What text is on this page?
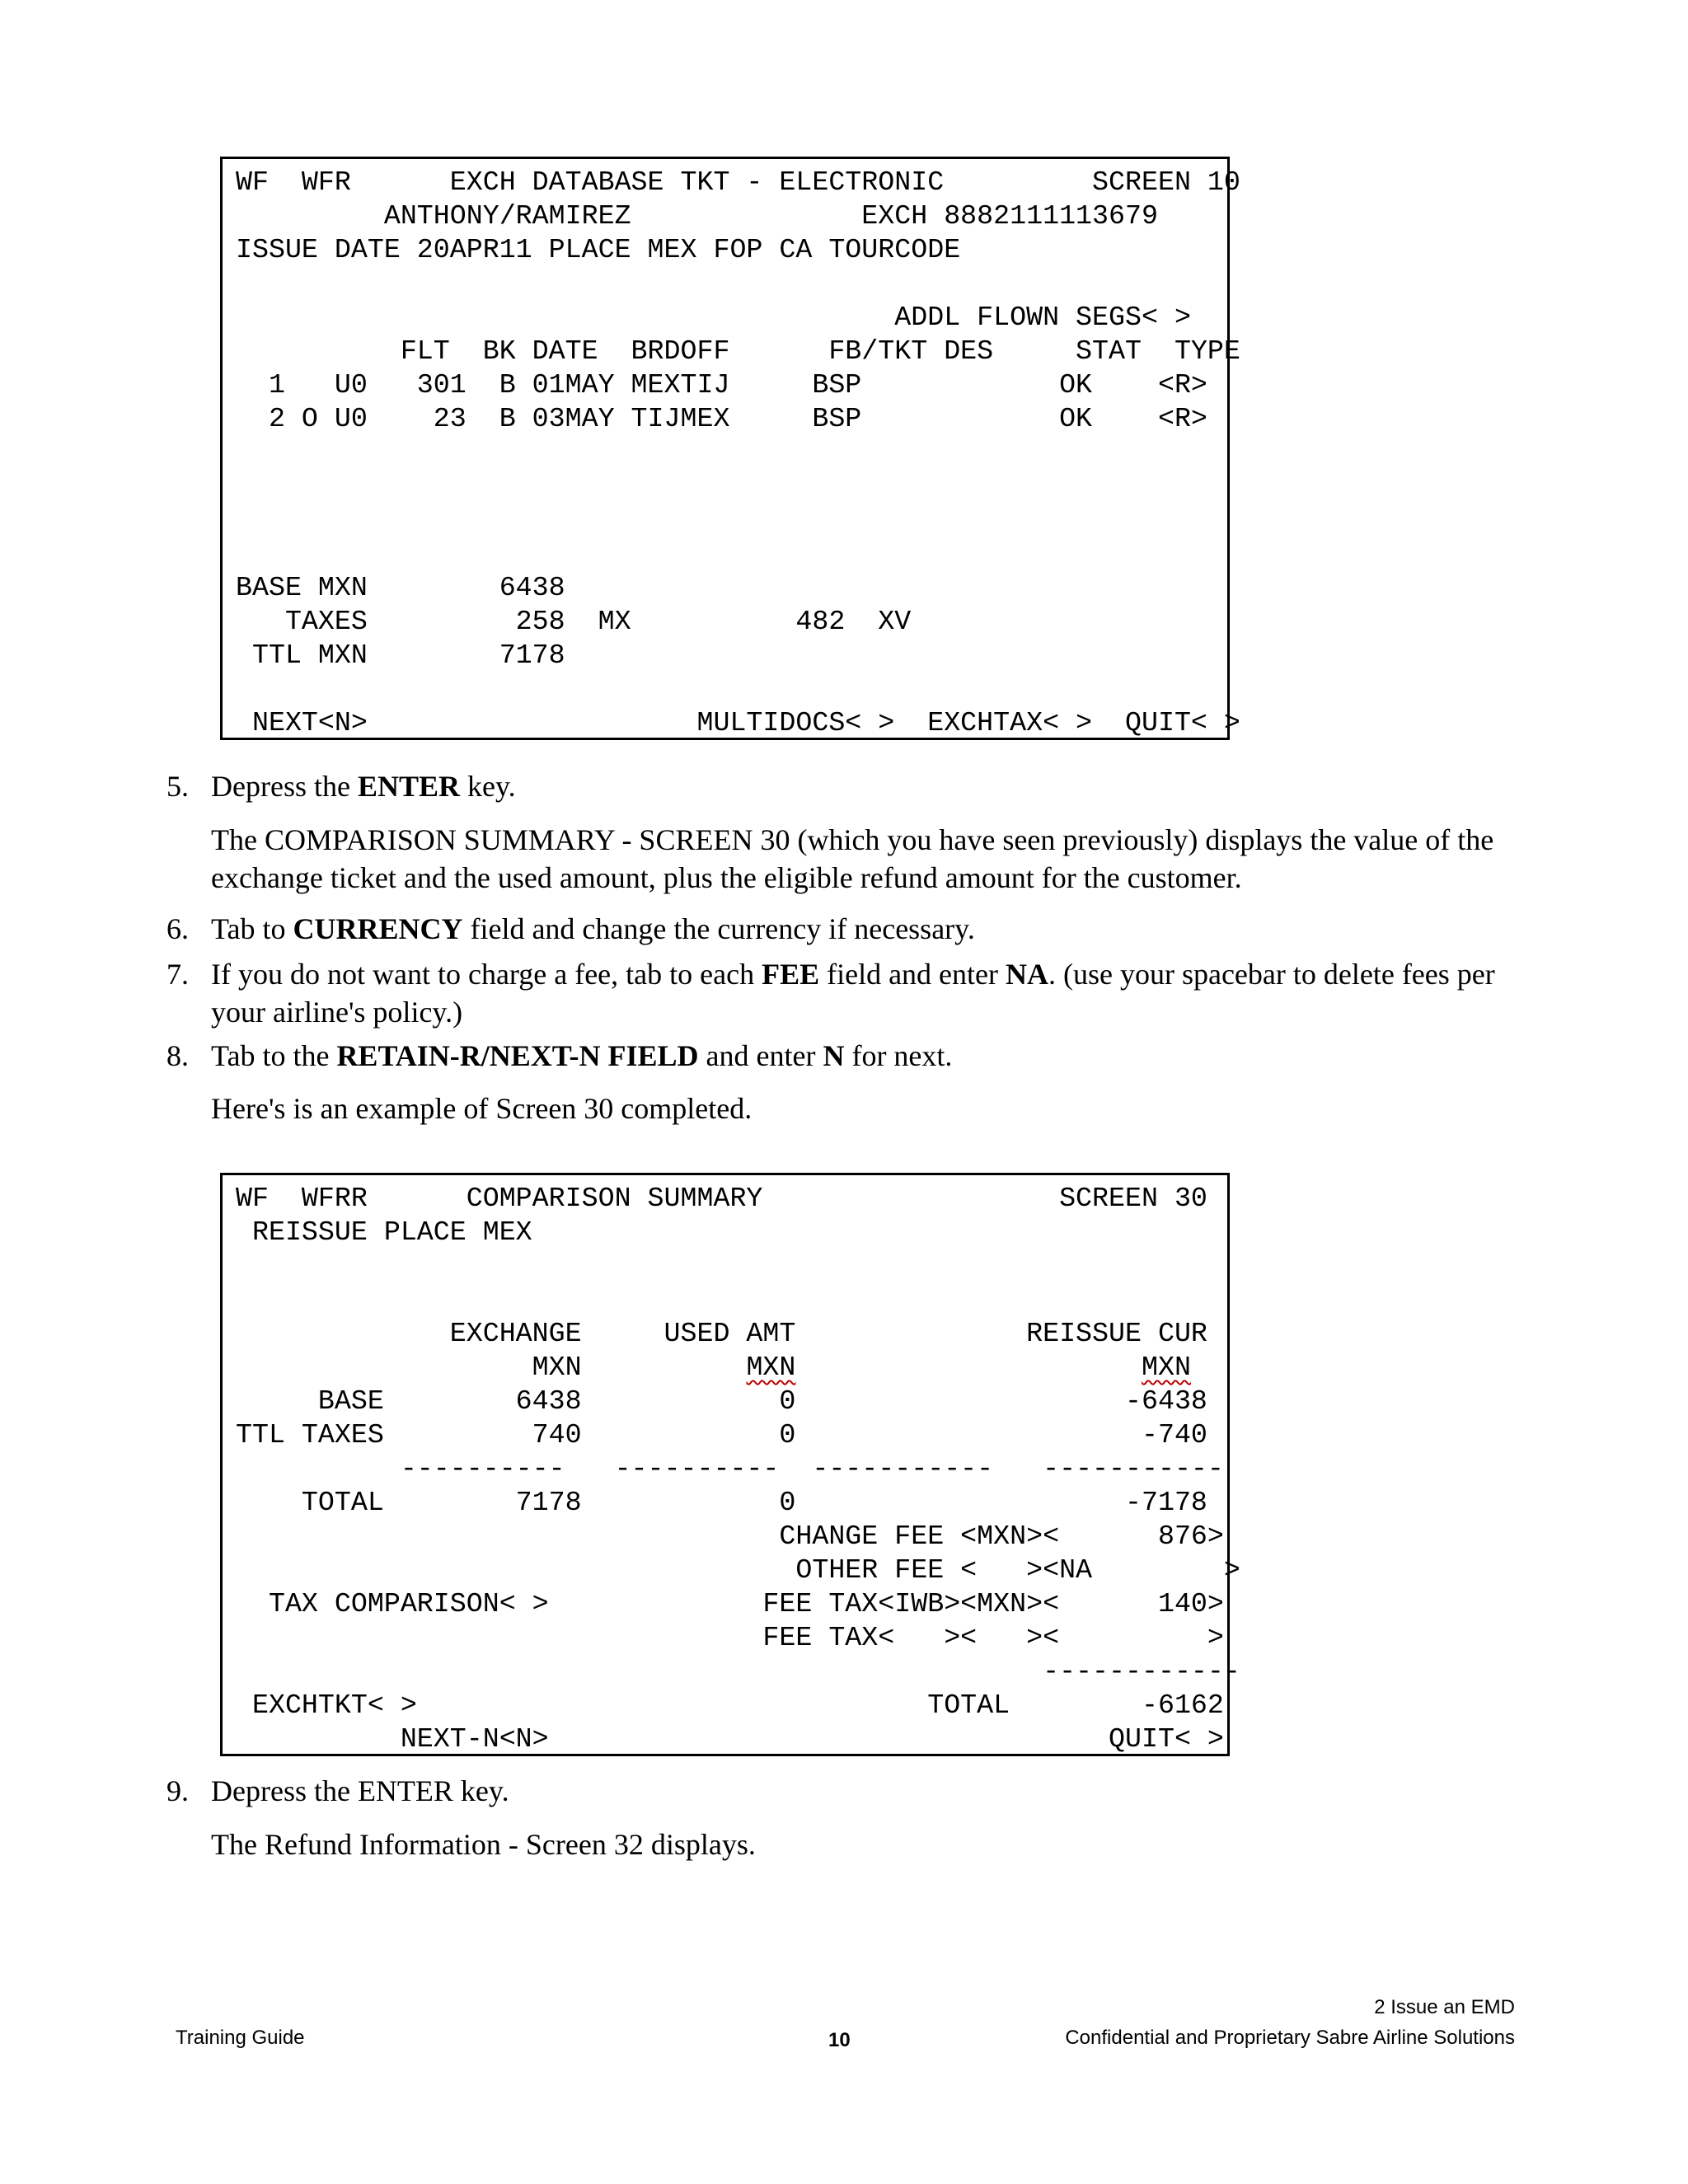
WF  WFR      EXCH DATABASE TKT - ELECTRONIC         SCREEN 10
ANTHONY/RAMIREZ              EXCH 8882111113679
ISSUE DATE 20APR11 PLACE MEX FOP CA TOURCODE

ADDL FLOWN SEGS< >
FLT  BK DATE  BRDOFF      FB/TKT DES     STAT  TYPE
1   U0   301  B 01MAY MEXTIJ     BSP            OK    <R>
2 O U0    23  B 03MAY TIJMEX     BSP            OK    <R>

BASE MXN        6438
TAXES         258  MX          482  XV
TTL MXN        7178

NEXT<N>                    MULTIDOCS< >  EXCHTAX< >  QUIT< >
5. Depress the ENTER key.
The COMPARISON SUMMARY - SCREEN 30 (which you have seen previously) displays the value of the exchange ticket and the used amount, plus the eligible refund amount for the customer.
6. Tab to CURRENCY field and change the currency if necessary.
7. If you do not want to charge a fee, tab to each FEE field and enter NA. (use your spacebar to delete fees per your airline's policy.)
8. Tab to the RETAIN-R/NEXT-N FIELD and enter N for next.
Here's is an example of Screen 30 completed.
WF  WFRR      COMPARISON SUMMARY                  SCREEN 30
REISSUE PLACE MEX

EXCHANGE     USED AMT              REISSUE CUR
MXN          MXN	MXN
BASE        6438            0                    -6438
TTL TAXES         740            0                     -740
----------   ----------  -----------   -----------
TOTAL        7178            0                    -7178
CHANGE FEE <MXN><      876>
OTHER FEE <   ><NA        >
TAX COMPARISON< >             FEE TAX<IWB><MXN><      140>
FEE TAX<   ><   ><         >
------------
EXCHTKT< >                               TOTAL        -6162
NEXT-N<N>                                  QUIT< >
9. Depress the ENTER key.
The Refund Information - Screen 32 displays.
2 Issue an EMD
Training Guide	10	Confidential and Proprietary Sabre Airline Solutions
